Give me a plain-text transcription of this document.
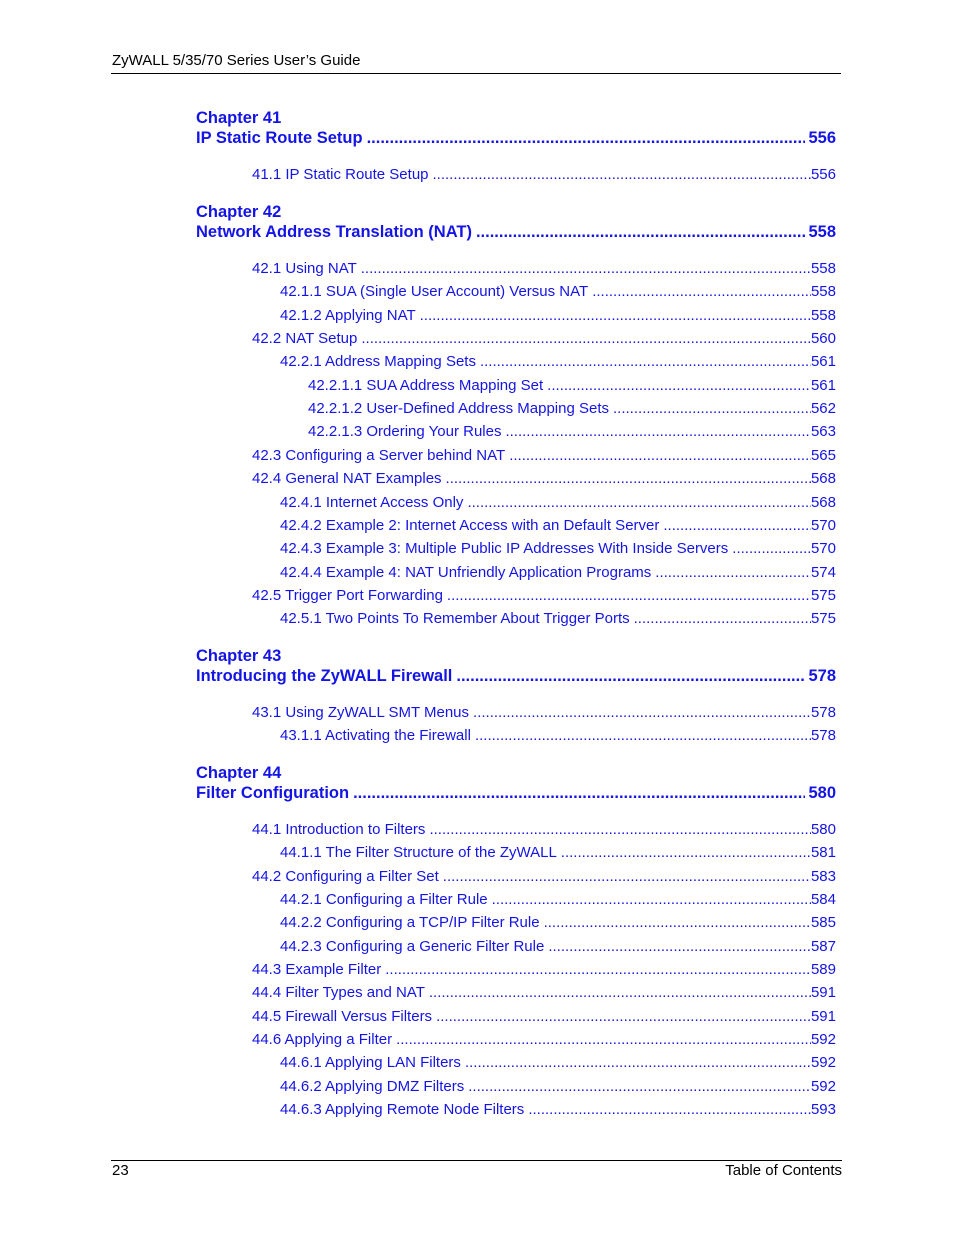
ZyWALL 5/35/70 Series User’s Guide
Chapter 41
IP Static Route Setup .....	556
41.1 IP Static Route Setup .....	556
Chapter 42
Network Address Translation (NAT) .....	558
42.1 Using NAT .....	558
42.1.1 SUA (Single User Account) Versus NAT .....	558
42.1.2 Applying NAT .....	558
42.2 NAT Setup .....	560
42.2.1 Address Mapping Sets .....	561
42.2.1.1 SUA Address Mapping Set .....	561
42.2.1.2 User-Defined Address Mapping Sets .....	562
42.2.1.3 Ordering Your Rules .....	563
42.3 Configuring a Server behind NAT .....	565
42.4 General NAT Examples .....	568
42.4.1 Internet Access Only .....	568
42.4.2 Example 2: Internet Access with an Default Server .....	570
42.4.3 Example 3: Multiple Public IP Addresses With Inside Servers .....	570
42.4.4 Example 4: NAT Unfriendly Application Programs .....	574
42.5 Trigger Port Forwarding .....	575
42.5.1 Two Points To Remember About Trigger Ports .....	575
Chapter 43
Introducing the ZyWALL Firewall .....	578
43.1 Using ZyWALL SMT Menus .....	578
43.1.1 Activating the Firewall .....	578
Chapter 44
Filter Configuration .....	580
44.1 Introduction to Filters .....	580
44.1.1 The Filter Structure of the ZyWALL .....	581
44.2 Configuring a Filter Set .....	583
44.2.1 Configuring a Filter Rule .....	584
44.2.2 Configuring a TCP/IP Filter Rule .....	585
44.2.3 Configuring a Generic Filter Rule .....	587
44.3 Example Filter .....	589
44.4 Filter Types and NAT .....	591
44.5 Firewall Versus Filters .....	591
44.6 Applying a Filter .....	592
44.6.1 Applying LAN Filters .....	592
44.6.2 Applying DMZ Filters .....	592
44.6.3 Applying Remote Node Filters .....	593
23	Table of Contents
